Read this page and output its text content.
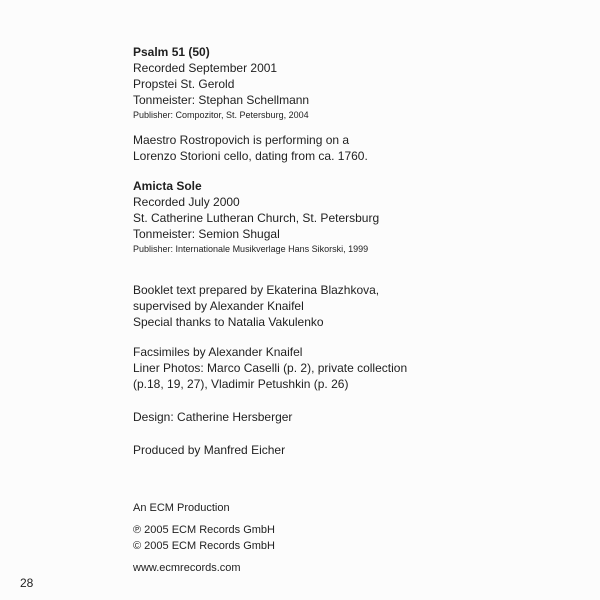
Psalm 51 (50)
Recorded September 2001
Propstei St. Gerold
Tonmeister: Stephan Schellmann
Publisher: Compozitor, St. Petersburg, 2004
Maestro Rostropovich is performing on a
Lorenzo Storioni cello, dating from ca. 1760.
Amicta Sole
Recorded July 2000
St. Catherine Lutheran Church, St. Petersburg
Tonmeister: Semion Shugal
Publisher: Internationale Musikverlage Hans Sikorski, 1999
Booklet text prepared by Ekaterina Blazhkova,
supervised by Alexander Knaifel
Special thanks to Natalia Vakulenko
Facsimiles by Alexander Knaifel
Liner Photos: Marco Caselli (p. 2), private collection
(p.18, 19, 27), Vladimir Petushkin (p. 26)
Design: Catherine Hersberger
Produced by Manfred Eicher
An ECM Production
℗ 2005 ECM Records GmbH
© 2005 ECM Records GmbH
www.ecmrecords.com
28
